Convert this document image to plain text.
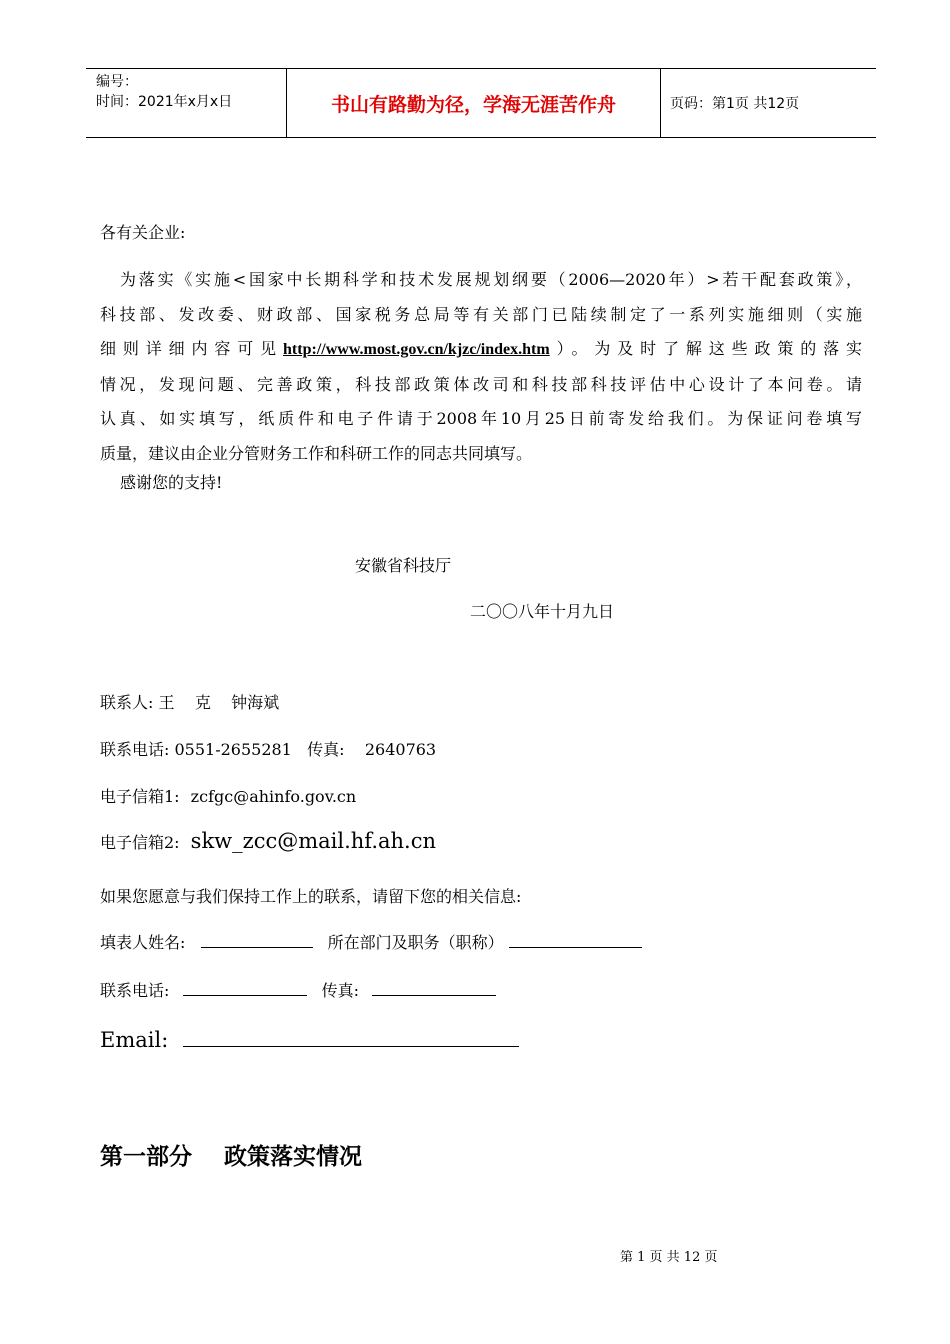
编号：
时间：2021年x月x日	书山有路勤为径，学海无涯苦作舟	页码：第1页 共12页
各有关企业:
为落实《实施<国家中长期科学和技术发展规划纲要（2006—2020年）>若干配套政策》，
科技部、发改委、财政部、国家税务总局等有关部门已陆续制定了一系列实施细则（实施
细则详细内容可见http://www.most.gov.cn/kjzc/index.htm）。为及时了解这些政策的落实
情况，发现问题、完善政策，科技部政策体改司和科技部科技评估中心设计了本问卷。请
认真、如实填写，纸质件和电子件请于2008年10月25日前寄发给我们。为保证问卷填写
质量，建议由企业分管财务工作和科研工作的同志共同填写。
感谢您的支持!
安徽省科技厅
二〇〇八年十月九日
联系人: 王    克    钟海斌
联系电话: 0551-2655281   传真:    2640763
电子信箱1: zcfgc@ahinfo.gov.cn
电子信箱2: skw_zcc@mail.hf.ah.cn
如果您愿意与我们保持工作上的联系，请留下您的相关信息:
填表人姓名:	所在部门及职务（职称）
联系电话:	传真:
Email:
第一部分    政策落实情况
第 1 页 共 12 页
